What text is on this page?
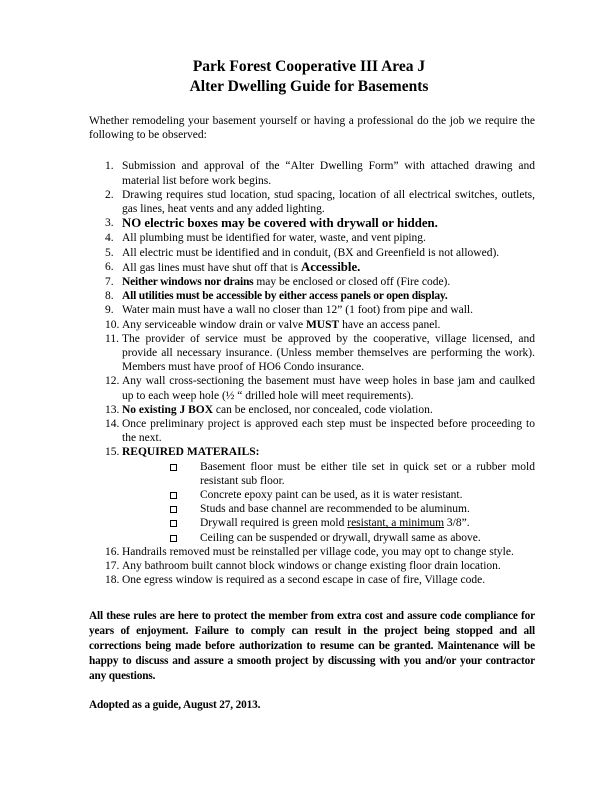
Park Forest Cooperative III Area J
Alter Dwelling Guide for Basements

Whether remodeling your basement yourself or having a professional do the job we require the following to be observed:

1. Submission and approval of the “Alter Dwelling Form” with attached drawing and material list before work begins.
2. Drawing requires stud location, stud spacing, location of all electrical switches, outlets, gas lines, heat vents and any added lighting.
3. NO electric boxes may be covered with drywall or hidden.
4. All plumbing must be identified for water, waste, and vent piping.
5. All electric must be identified and in conduit, (BX and Greenfield is not allowed).
6. All gas lines must have shut off that is Accessible.
7. Neither windows nor drains may be enclosed or closed off (Fire code).
8. All utilities must be accessible by either access panels or open display.
9. Water main must have a wall no closer than 12” (1 foot) from pipe and wall.
10. Any serviceable window drain or valve MUST have an access panel.
11. The provider of service must be approved by the cooperative, village licensed, and provide all necessary insurance. (Unless member themselves are performing the work). Members must have proof of HO6 Condo insurance.
12. Any wall cross-sectioning the basement must have weep holes in base jam and caulked up to each weep hole (½ “ drilled hole will meet requirements).
13. No existing J BOX can be enclosed, nor concealed, code violation.
14. Once preliminary project is approved each step must be inspected before proceeding to the next.
15. REQUIRED MATERAILS:
Basement floor must be either tile set in quick set or a rubber mold resistant sub floor.
Concrete epoxy paint can be used, as it is water resistant.
Studs and base channel are recommended to be aluminum.
Drywall required is green mold resistant, a minimum 3/8”.
Ceiling can be suspended or drywall, drywall same as above.
16. Handrails removed must be reinstalled per village code, you may opt to change style.
17. Any bathroom built cannot block windows or change existing floor drain location.
18. One egress window is required as a second escape in case of fire, Village code.

All these rules are here to protect the member from extra cost and assure code compliance for years of enjoyment. Failure to comply can result in the project being stopped and all corrections being made before authorization to resume can be granted. Maintenance will be happy to discuss and assure a smooth project by discussing with you and/or your contractor any questions.

Adopted as a guide, August 27, 2013.
